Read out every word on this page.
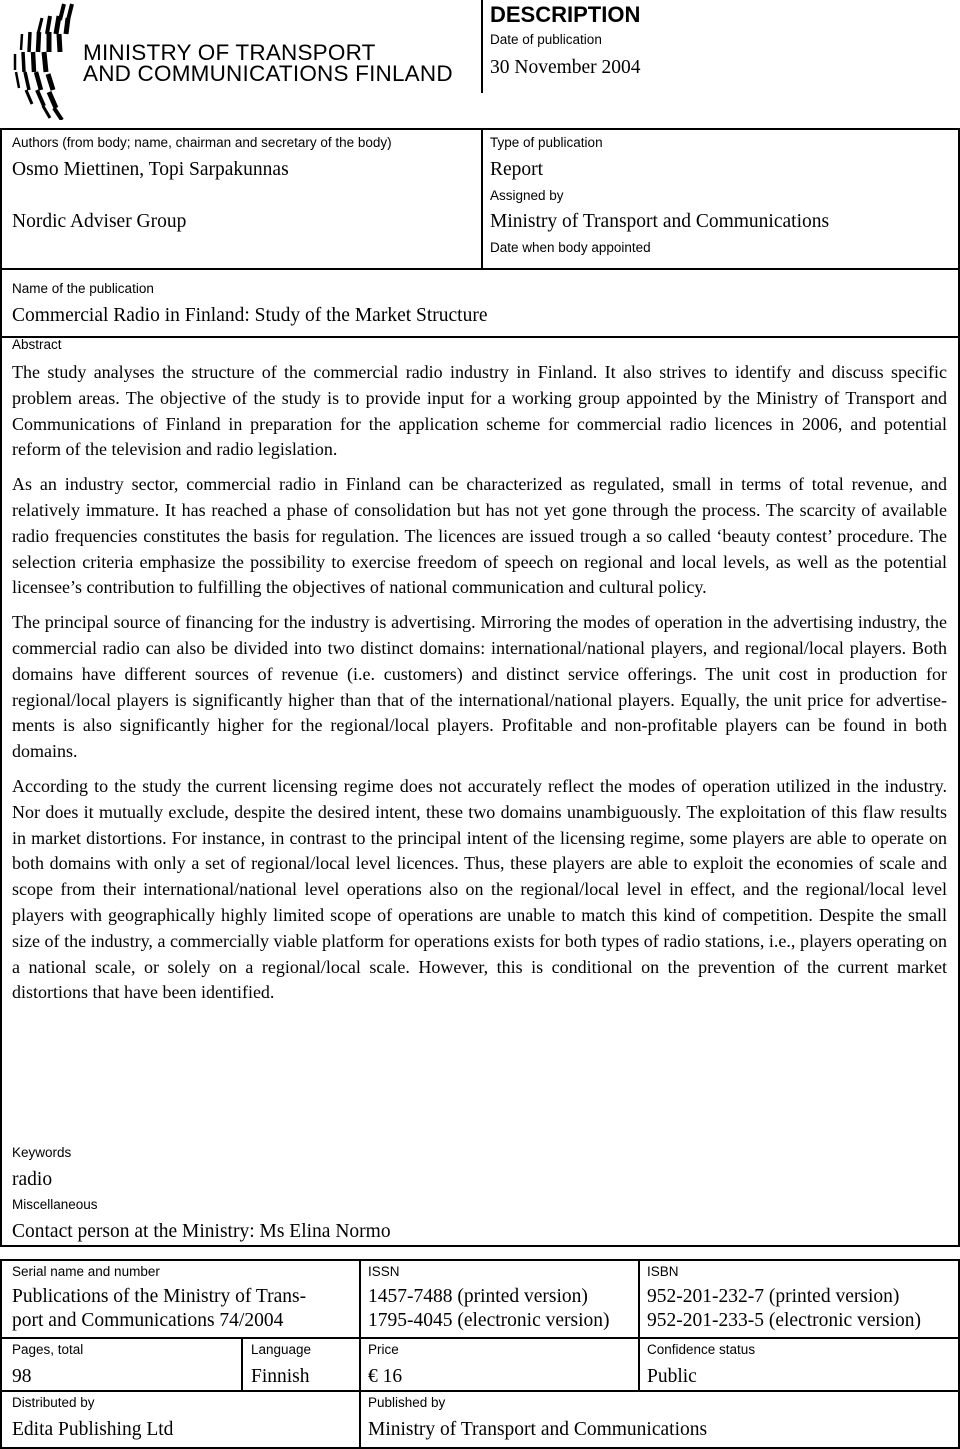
MINISTRY OF TRANSPORT
AND COMMUNICATIONS FINLAND
DESCRIPTION
Date of publication
30 November 2004
Authors (from body; name, chairman and secretary of the body)
Osmo Miettinen, Topi Sarpakunnas
Nordic Adviser Group
Type of publication
Report
Assigned by
Ministry of Transport and Communications
Date when body appointed
Name of the publication
Commercial Radio in Finland: Study of the Market Structure
Abstract

The study analyses the structure of the commercial radio industry in Finland. It also strives to identify and discuss specific problem areas. The objective of the study is to provide input for a working group appointed by the Ministry of Transport and Communications of Finland in preparation for the application scheme for commercial radio licences in 2006, and potential reform of the television and radio legislation.

As an industry sector, commercial radio in Finland can be characterized as regulated, small in terms of total revenue, and relatively immature. It has reached a phase of consolidation but has not yet gone through the process. The scarcity of available radio frequencies constitutes the basis for regulation. The licences are issued trough a so called ‘beauty contest’ procedure. The selection criteria emphasize the possibility to exercise freedom of speech on regional and local levels, as well as the potential licensee’s contribution to fulfilling the objectives of national communication and cultural policy.

The principal source of financing for the industry is advertising. Mirroring the modes of operation in the advertising industry, the commercial radio can also be divided into two distinct domains: international/national players, and regional/local players. Both domains have different sources of revenue (i.e. customers) and distinct service offerings. The unit cost in production for regional/local players is significantly higher than that of the international/national players. Equally, the unit price for advertisements is also significantly higher for the regional/local players. Profitable and non-profitable players can be found in both domains.

According to the study the current licensing regime does not accurately reflect the modes of operation utilized in the industry. Nor does it mutually exclude, despite the desired intent, these two domains unambiguously. The exploitation of this flaw results in market distortions. For instance, in contrast to the principal intent of the licensing regime, some players are able to operate on both domains with only a set of regional/local level licences. Thus, these players are able to exploit the economies of scale and scope from their international/national level operations also on the regional/local level in effect, and the regional/local level players with geographically highly limited scope of operations are unable to match this kind of competition. Despite the small size of the industry, a commercially viable platform for operations exists for both types of radio stations, i.e., players operating on a national scale, or solely on a regional/local scale. However, this is conditional on the prevention of the current market distortions that have been identified.

Keywords
radio
Miscellaneous
Contact person at the Ministry: Ms Elina Normo
Serial name and number
Publications of the Ministry of Trans-
port and Communications 74/2004
ISSN
1457-7488 (printed version)
1795-4045 (electronic version)
ISBN
952-201-232-7 (printed version)
952-201-233-5 (electronic version)
Pages, total
98
Language
Finnish
Price
€ 16
Confidence status
Public
Distributed by
Edita Publishing Ltd
Published by
Ministry of Transport and Communications
